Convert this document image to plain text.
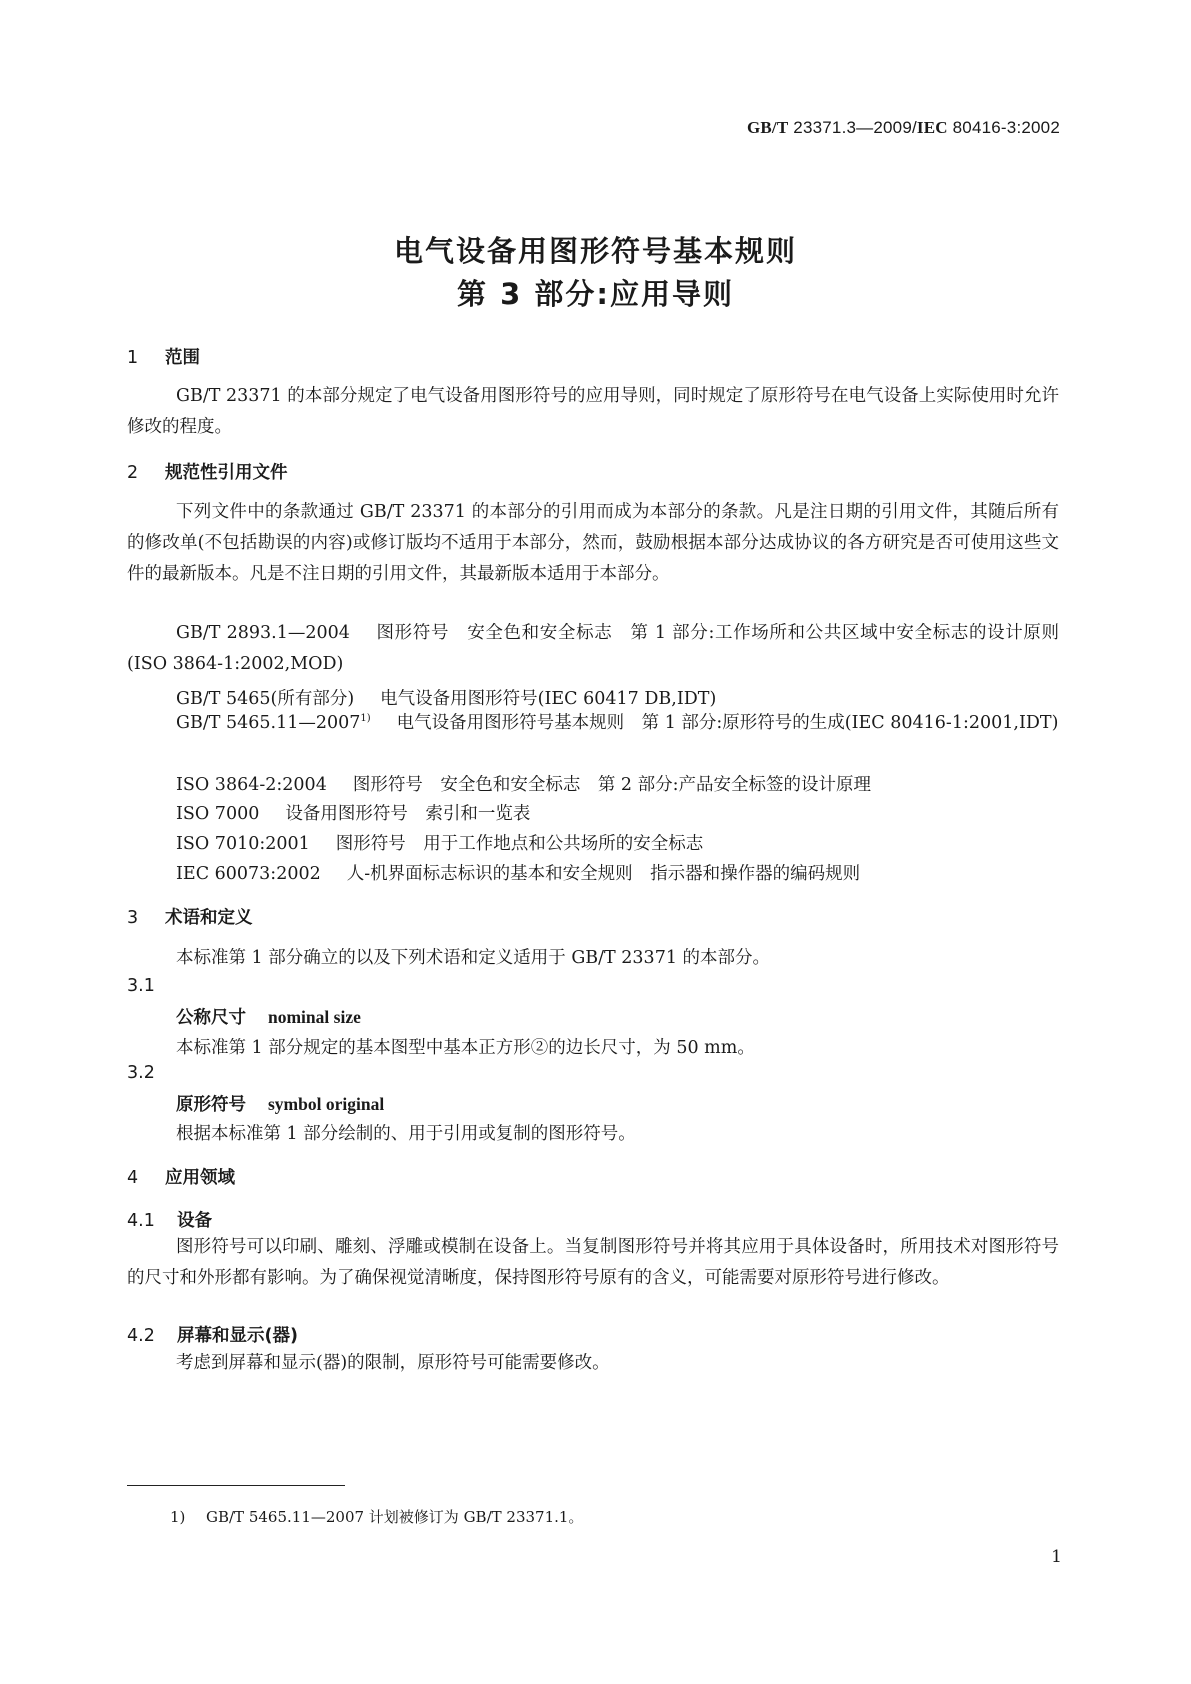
GB/T 23371.3—2009/IEC 80416-3:2002
电气设备用图形符号基本规则
第 3 部分:应用导则
1 范围
GB/T 23371 的本部分规定了电气设备用图形符号的应用导则，同时规定了原形符号在电气设备上实际使用时允许修改的程度。
2 规范性引用文件
下列文件中的条款通过 GB/T 23371 的本部分的引用而成为本部分的条款。凡是注日期的引用文件，其随后所有的修改单(不包括勘误的内容)或修订版均不适用于本部分，然而，鼓励根据本部分达成协议的各方研究是否可使用这些文件的最新版本。凡是不注日期的引用文件，其最新版本适用于本部分。
GB/T 2893.1—2004 图形符号　安全色和安全标志　第 1 部分:工作场所和公共区域中安全标志的设计原则(ISO 3864-1:2002,MOD)
GB/T 5465(所有部分) 电气设备用图形符号(IEC 60417 DB,IDT)
GB/T 5465.11—2007$^{1)}$ 电气设备用图形符号基本规则　第 1 部分:原形符号的生成(IEC 80416-1:2001,IDT)
ISO 3864-2:2004 图形符号　安全色和安全标志　第 2 部分:产品安全标签的设计原理
ISO 7000 设备用图形符号　索引和一览表
ISO 7010:2001 图形符号　用于工作地点和公共场所的安全标志
IEC 60073:2002 人-机界面标志标识的基本和安全规则　指示器和操作器的编码规则
3 术语和定义
本标准第 1 部分确立的以及下列术语和定义适用于 GB/T 23371 的本部分。
3.1
公称尺寸 nominal size
本标准第 1 部分规定的基本图型中基本正方形②的边长尺寸，为 50 mm。
3.2
原形符号 symbol original
根据本标准第 1 部分绘制的、用于引用或复制的图形符号。
4 应用领域
4.1 设备
图形符号可以印刷、雕刻、浮雕或模制在设备上。当复制图形符号并将其应用于具体设备时，所用技术对图形符号的尺寸和外形都有影响。为了确保视觉清晰度，保持图形符号原有的含义，可能需要对原形符号进行修改。
4.2 屏幕和显示(器)
考虑到屏幕和显示(器)的限制，原形符号可能需要修改。
1) GB/T 5465.11—2007 计划被修订为 GB/T 23371.1。
1
